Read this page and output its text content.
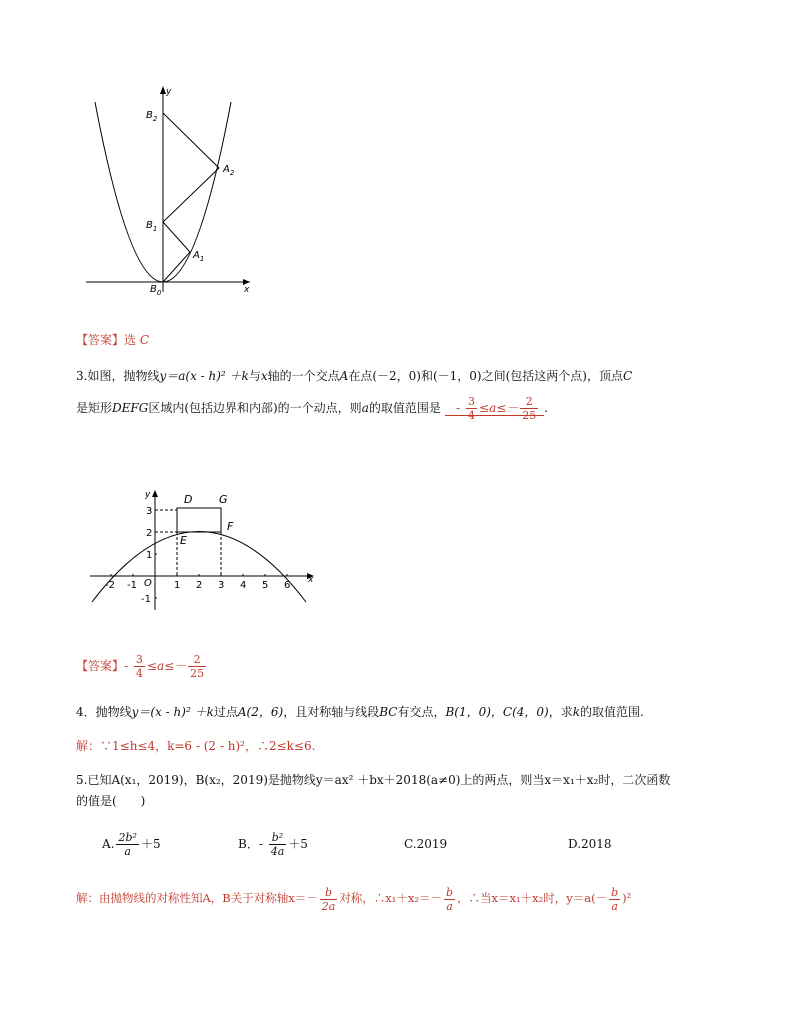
y
x
$B_2$
$A_2$
$B_1$
$A_1$
$B_0$
【答案】选 C
3.如图，抛物线y＝a(x - h)² ＋k与x轴的一个交点A在点(－2，0)和(－1，0)之间(包括这两个点)，顶点C
是矩形DEFG区域内(包括边界和内部)的一个动点，则a的取值范围是 - $\frac{3}{4} \le a\le- \frac{2}{25}$ .
D G
E
F
O
y
x
-2 -1	1 2 3 4 5 6
3
2
1
-1
【答案】- $\frac{3}{4} \le a\le- \frac{2}{25}$
4．抛物线y＝(x - h)² ＋k过点A(2，6)，且对称轴与线段BC有交点，B(1，0)，C(4，0)，求k的取值范围.
解：∵1≤h≤4，k=6 - (2 - h)²，∴2≤k≤6.
5.已知A(x₁，2019)，B(x₂，2019)是抛物线y＝ax² ＋bx＋2018(a≠0)上的两点，则当x＝x₁＋x₂时，二次函数
的值是(　　)
A. $\frac{\text{2b²}}{a} +5$	B．- $\frac{\text{b²}}{4a} +5$	C.2019	D.2018
解：由抛物线的对称性知A，B关于对称轴$x=- \frac{b}{2a}$ 对称，∴x₁＋x₂＝－ $\frac{b}{a}$ ，∴当x＝x₁＋x₂时，$y=a(- \frac{b}{a} )^2$
